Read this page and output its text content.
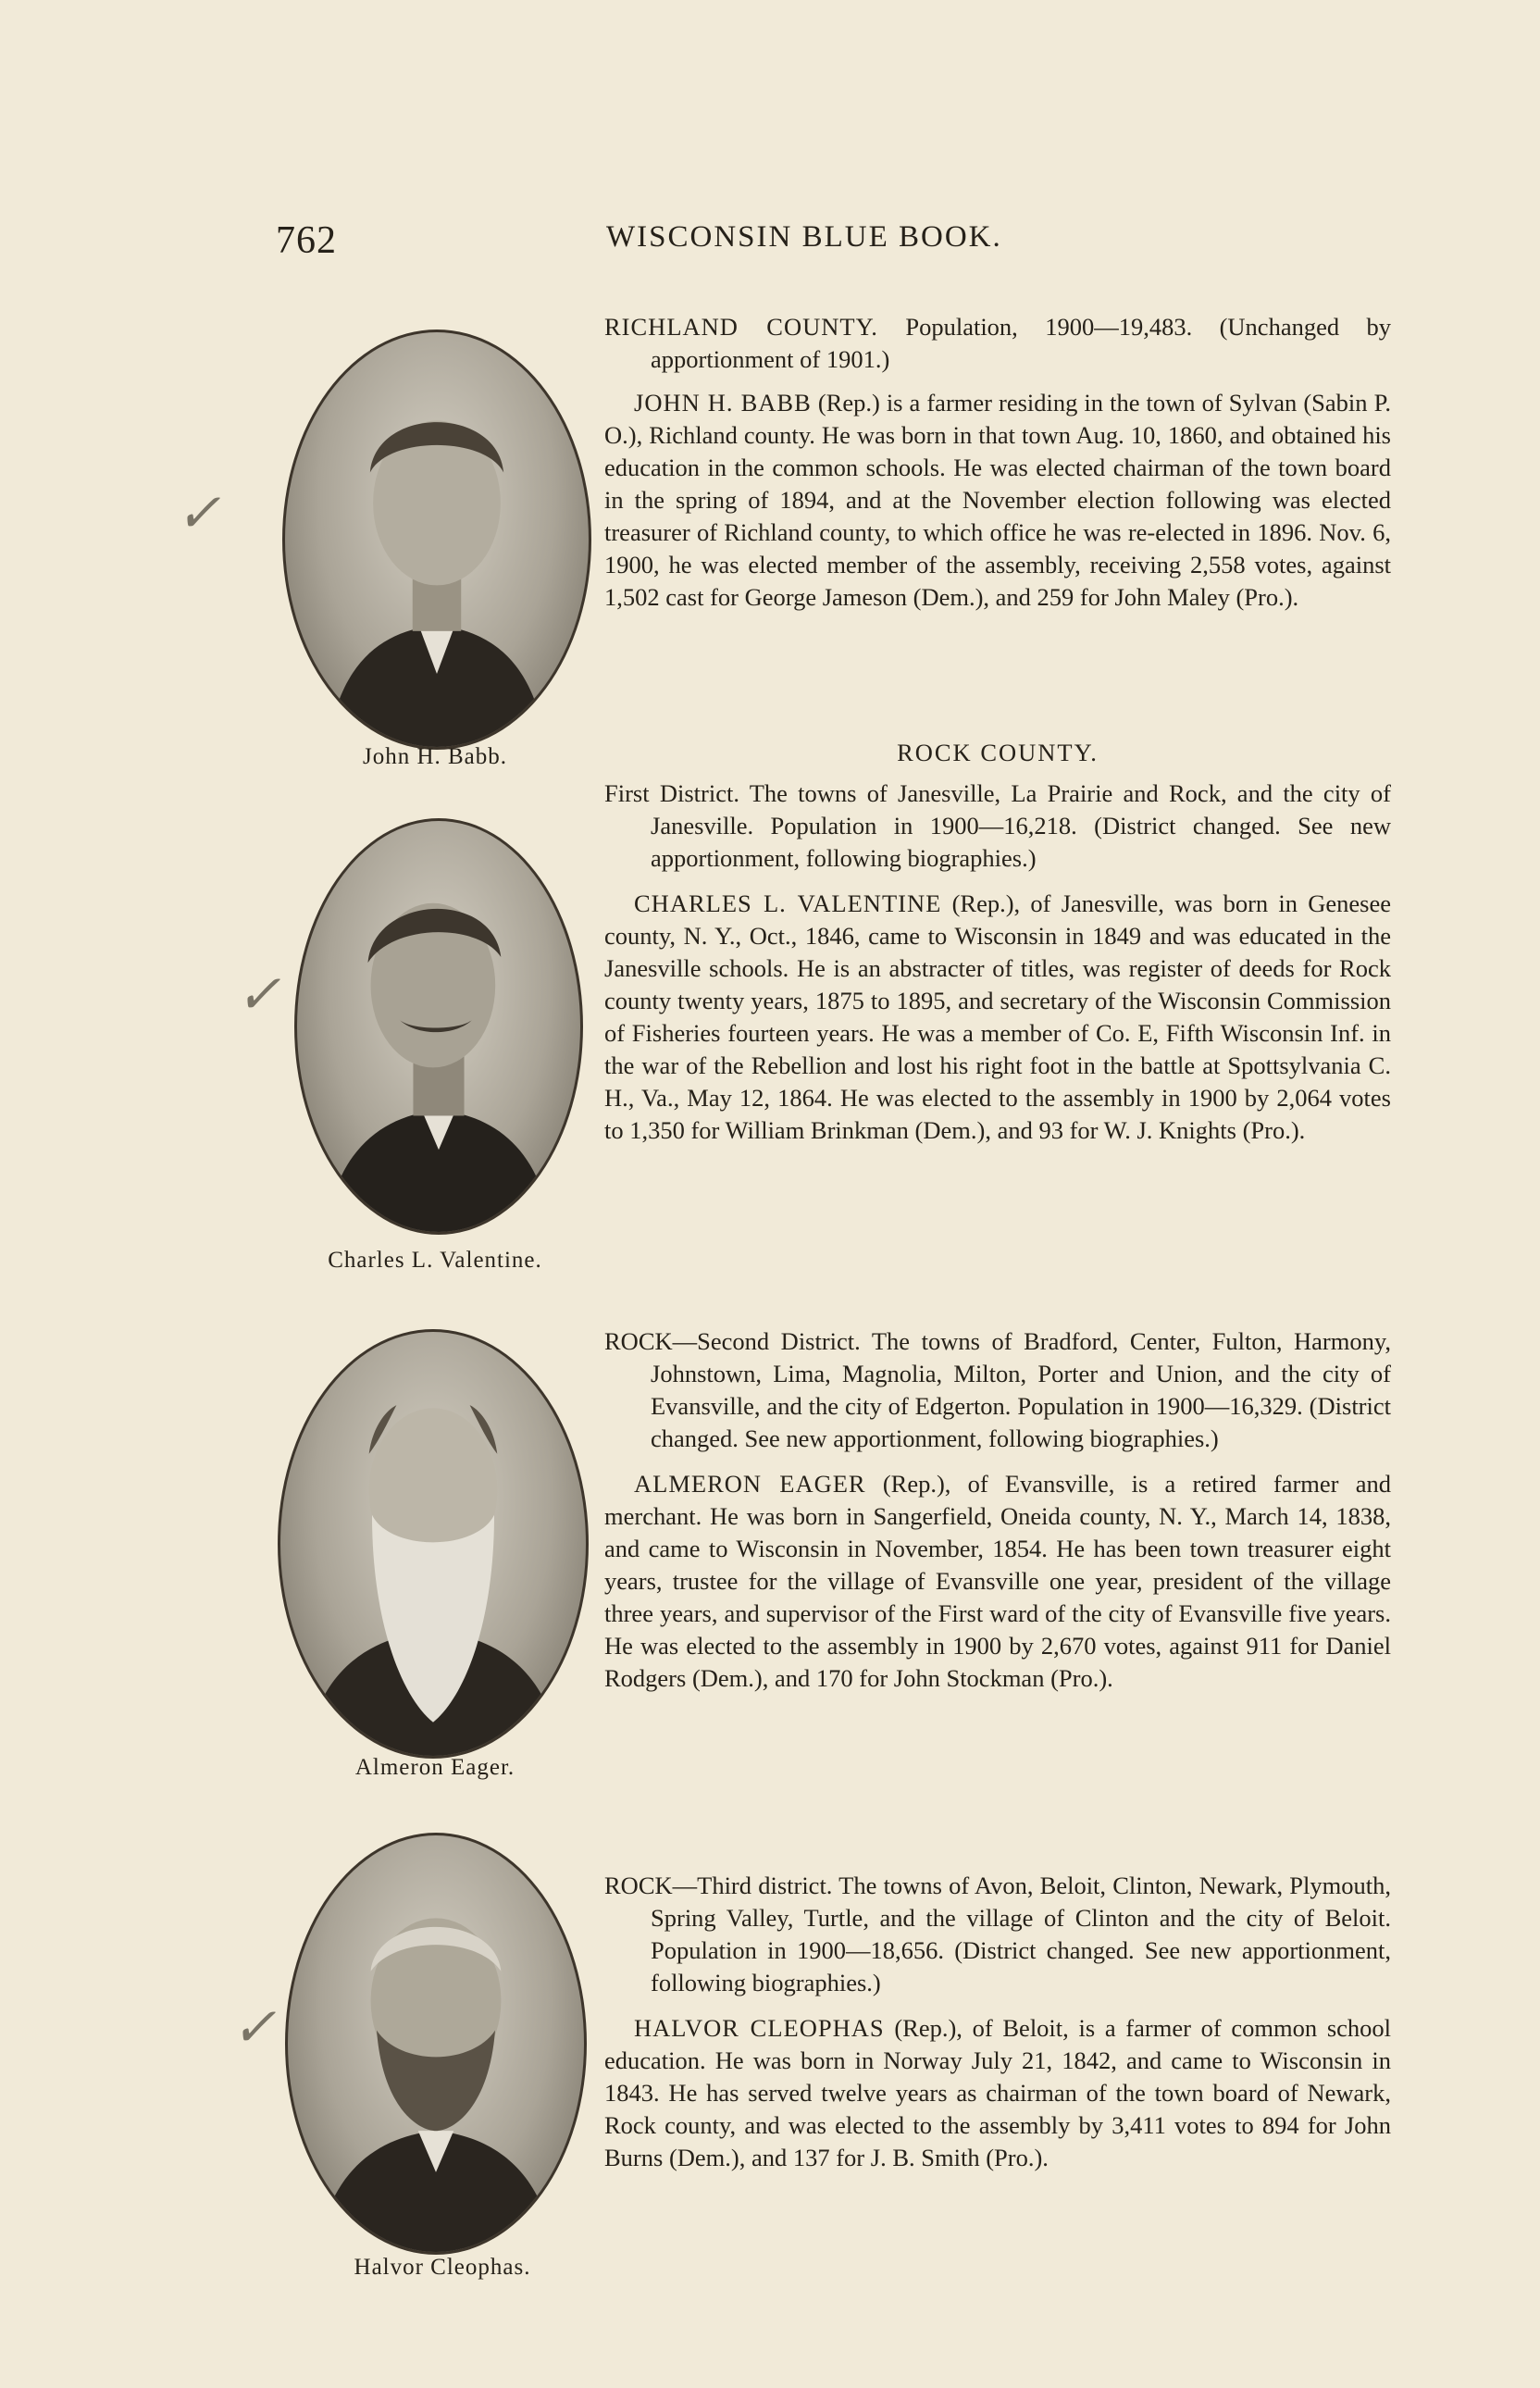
762	WISCONSIN BLUE BOOK.
John H. Babb.
✓
Charles L. Valentine.
✓
Almeron Eager.
Halvor Cleophas.
✓

RICHLAND COUNTY. Population, 1900—19,483. (Unchanged by apportionment of 1901.)

JOHN H. BABB (Rep.) is a farmer residing in the town of Sylvan (Sabin P. O.), Richland county. He was born in that town Aug. 10, 1860, and obtained his education in the common schools. He was elected chairman of the town board in the spring of 1894, and at the November election following was elected treasurer of Richland county, to which office he was re-elected in 1896. Nov. 6, 1900, he was elected member of the assembly, receiving 2,558 votes, against 1,502 cast for George Jameson (Dem.), and 259 for John Maley (Pro.).

ROCK COUNTY.

First District. The towns of Janesville, La Prairie and Rock, and the city of Janesville. Population in 1900—16,218. (District changed. See new apportionment, following biographies.)

CHARLES L. VALENTINE (Rep.), of Janesville, was born in Genesee county, N. Y., Oct., 1846, came to Wisconsin in 1849 and was educated in the Janesville schools. He is an abstracter of titles, was register of deeds for Rock county twenty years, 1875 to 1895, and secretary of the Wisconsin Commission of Fisheries fourteen years. He was a member of Co. E, Fifth Wisconsin Inf. in the war of the Rebellion and lost his right foot in the battle at Spottsylvania C. H., Va., May 12, 1864. He was elected to the assembly in 1900 by 2,064 votes to 1,350 for William Brinkman (Dem.), and 93 for W. J. Knights (Pro.).

ROCK—Second District. The towns of Bradford, Center, Fulton, Harmony, Johnstown, Lima, Magnolia, Milton, Porter and Union, and the city of Evansville, and the city of Edgerton. Population in 1900—16,329. (District changed. See new apportionment, following biographies.)

ALMERON EAGER (Rep.), of Evansville, is a retired farmer and merchant. He was born in Sangerfield, Oneida county, N. Y., March 14, 1838, and came to Wisconsin in November, 1854. He has been town treasurer eight years, trustee for the village of Evansville one year, president of the village three years, and supervisor of the First ward of the city of Evansville five years. He was elected to the assembly in 1900 by 2,670 votes, against 911 for Daniel Rodgers (Dem.), and 170 for John Stockman (Pro.).

ROCK—Third district. The towns of Avon, Beloit, Clinton, Newark, Plymouth, Spring Valley, Turtle, and the village of Clinton and the city of Beloit. Population in 1900—18,656. (District changed. See new apportionment, following biographies.)

HALVOR CLEOPHAS (Rep.), of Beloit, is a farmer of common school education. He was born in Norway July 21, 1842, and came to Wisconsin in 1843. He has served twelve years as chairman of the town board of Newark, Rock county, and was elected to the assembly by 3,411 votes to 894 for John Burns (Dem.), and 137 for J. B. Smith (Pro.).
